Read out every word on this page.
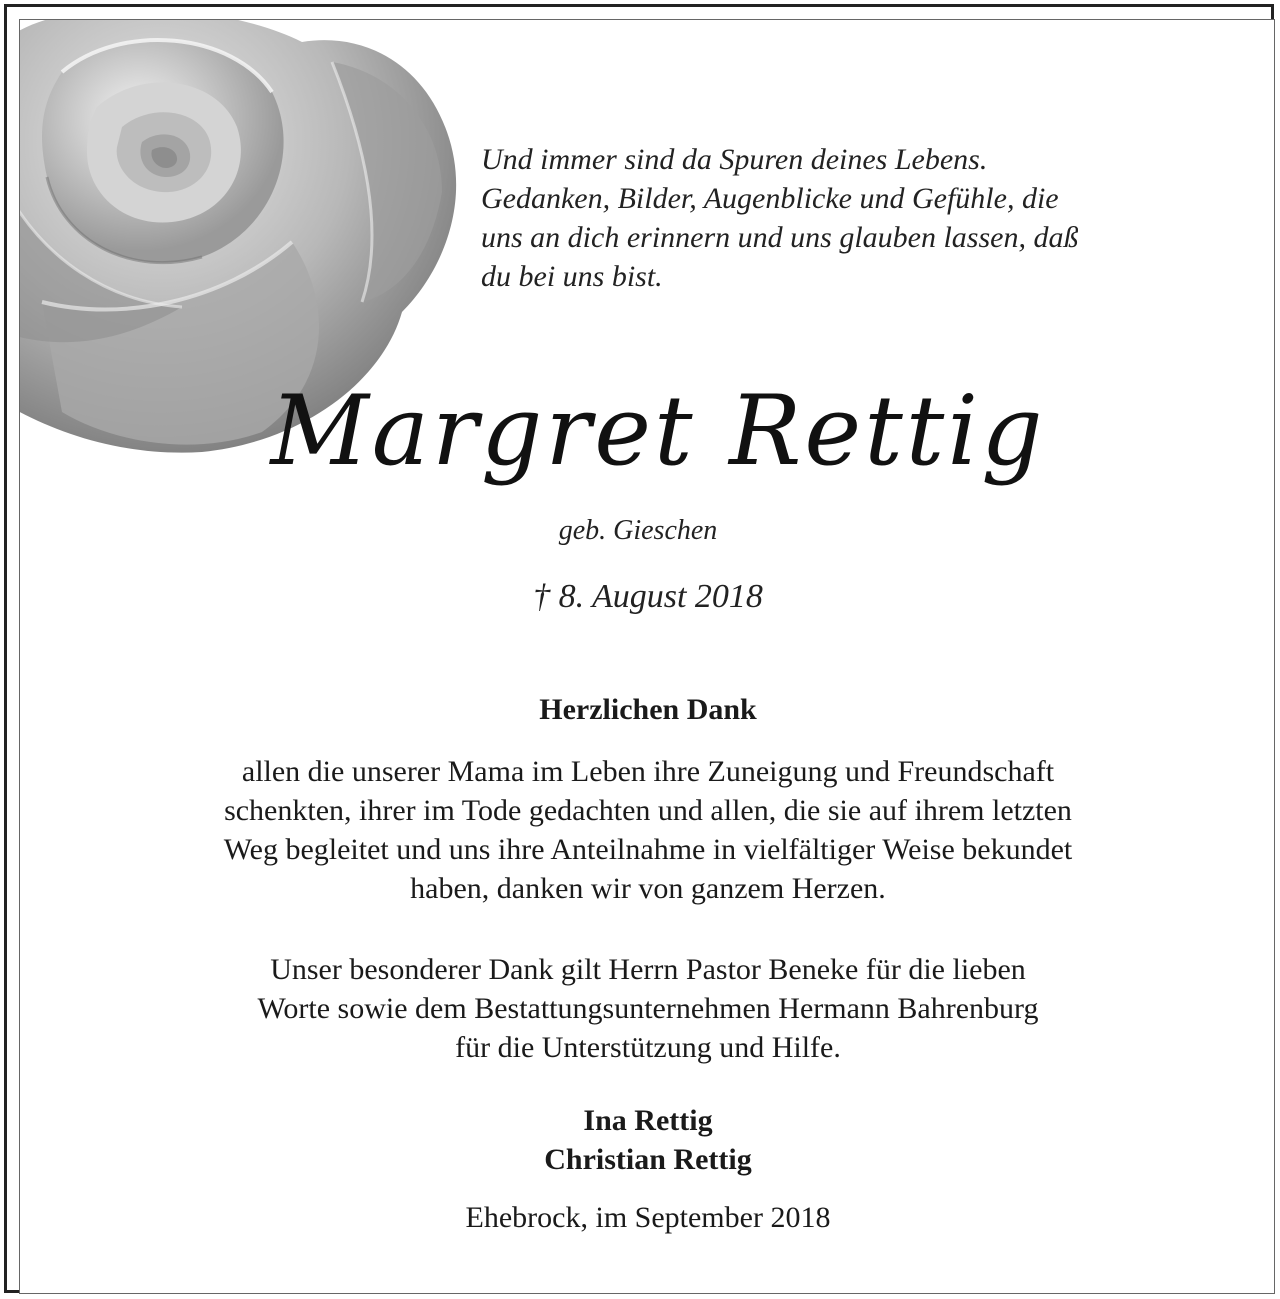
Und immer sind da Spuren deines Lebens.
Gedanken, Bilder, Augenblicke und Gefühle, die
uns an dich erinnern und uns glauben lassen, daß
du bei uns bist.
Margret Rettig
geb. Gieschen
† 8. August 2018
Herzlichen Dank
allen die unserer Mama im Leben ihre Zuneigung und Freundschaft
schenkten, ihrer im Tode gedachten und allen, die sie auf ihrem letzten
Weg begleitet und uns ihre Anteilnahme in vielfältiger Weise bekundet
haben, danken wir von ganzem Herzen.
Unser besonderer Dank gilt Herrn Pastor Beneke für die lieben
Worte sowie dem Bestattungsunternehmen Hermann Bahrenburg
für die Unterstützung und Hilfe.
Ina Rettig
Christian Rettig
Ehebrock, im September 2018
